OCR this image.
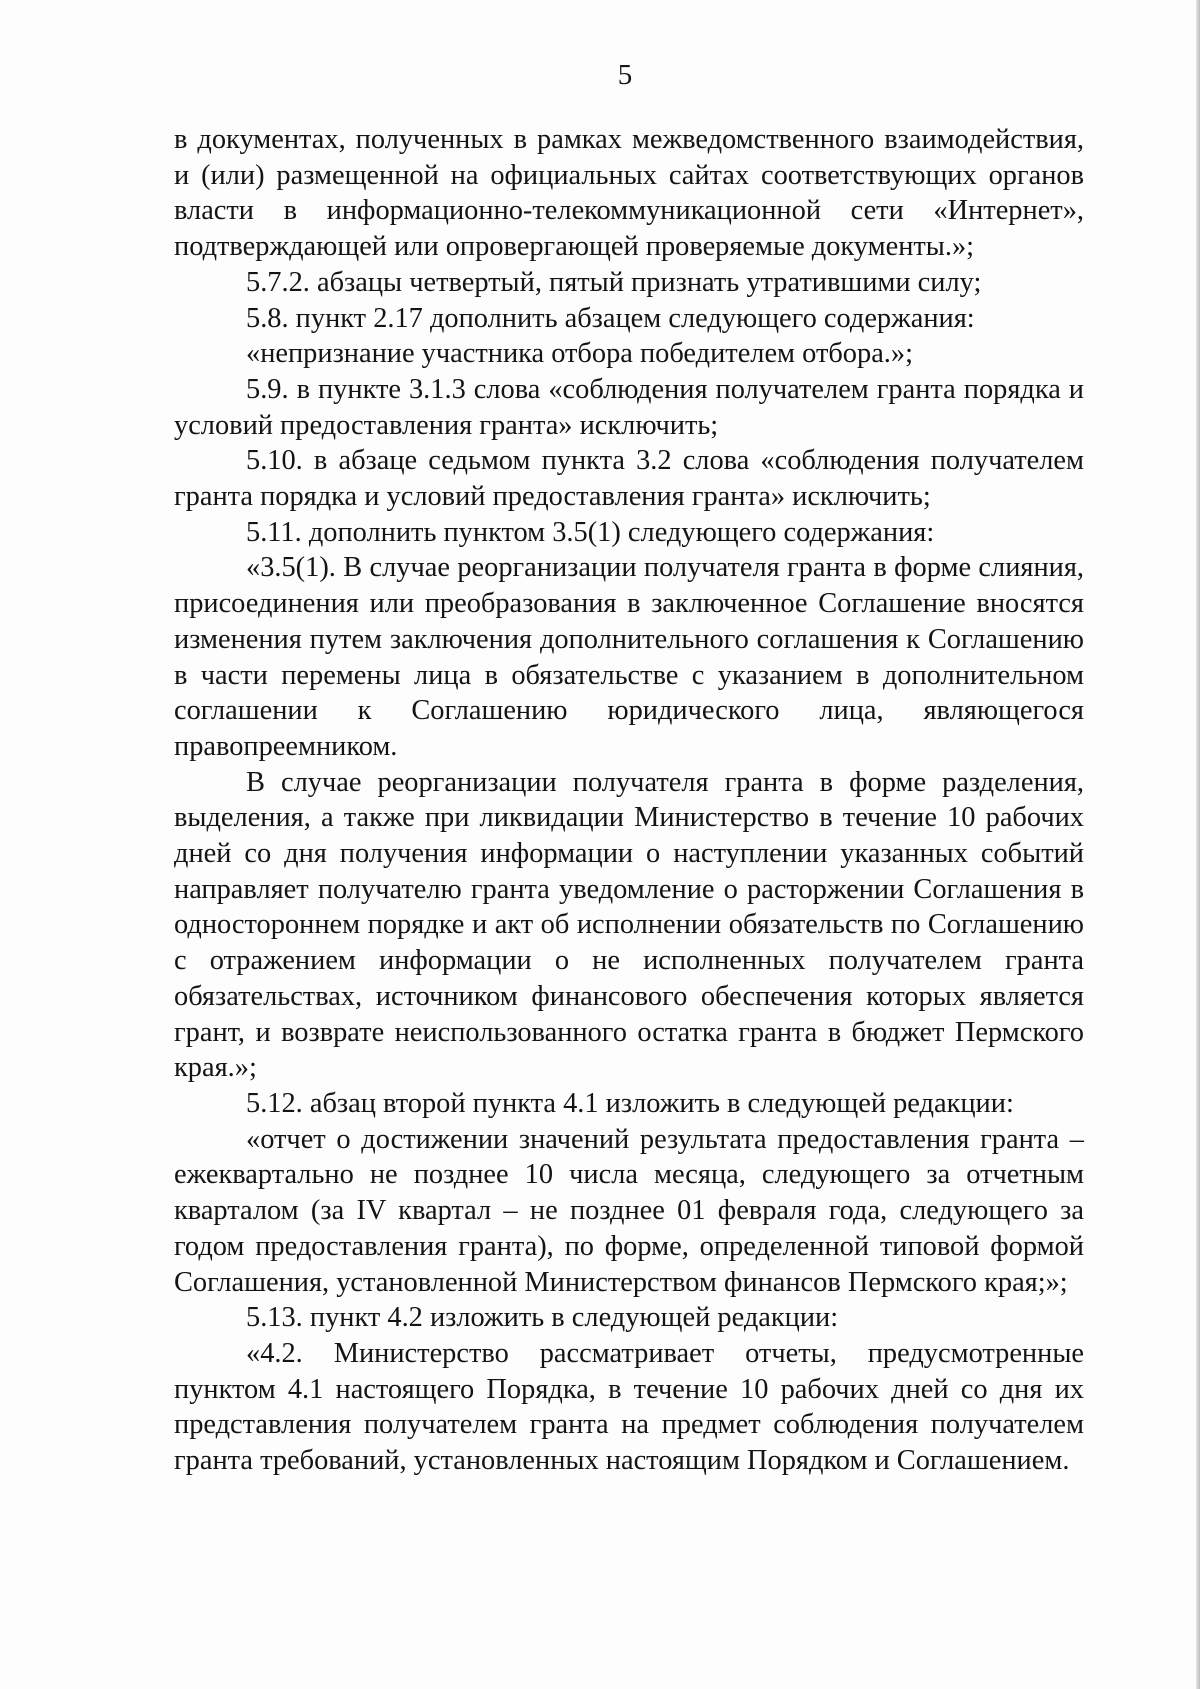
5

в документах, полученных в рамках межведомственного взаимодействия, и (или) размещенной на официальных сайтах соответствующих органов власти в информационно-телекоммуникационной сети «Интернет», подтверждающей или опровергающей проверяемые документы.»;

5.7.2. абзацы четвертый, пятый признать утратившими силу;

5.8. пункт 2.17 дополнить абзацем следующего содержания:

«непризнание участника отбора победителем отбора.»;

5.9. в пункте 3.1.3 слова «соблюдения получателем гранта порядка и условий предоставления гранта» исключить;

5.10. в абзаце седьмом пункта 3.2 слова «соблюдения получателем гранта порядка и условий предоставления гранта» исключить;

5.11. дополнить пунктом 3.5(1) следующего содержания:

«3.5(1). В случае реорганизации получателя гранта в форме слияния, присоединения или преобразования в заключенное Соглашение вносятся изменения путем заключения дополнительного соглашения к Соглашению в части перемены лица в обязательстве с указанием в дополнительном соглашении к Соглашению юридического лица, являющегося правопреемником.

В случае реорганизации получателя гранта в форме разделения, выделения, а также при ликвидации Министерство в течение 10 рабочих дней со дня получения информации о наступлении указанных событий направляет получателю гранта уведомление о расторжении Соглашения в одностороннем порядке и акт об исполнении обязательств по Соглашению с отражением информации о не исполненных получателем гранта обязательствах, источником финансового обеспечения которых является грант, и возврате неиспользованного остатка гранта в бюджет Пермского края.»;

5.12. абзац второй пункта 4.1 изложить в следующей редакции:

«отчет о достижении значений результата предоставления гранта – ежеквартально не позднее 10 числа месяца, следующего за отчетным кварталом (за IV квартал – не позднее 01 февраля года, следующего за годом предоставления гранта), по форме, определенной типовой формой Соглашения, установленной Министерством финансов Пермского края;»;

5.13. пункт 4.2 изложить в следующей редакции:

«4.2. Министерство рассматривает отчеты, предусмотренные пунктом 4.1 настоящего Порядка, в течение 10 рабочих дней со дня их представления получателем гранта на предмет соблюдения получателем гранта требований, установленных настоящим Порядком и Соглашением.
